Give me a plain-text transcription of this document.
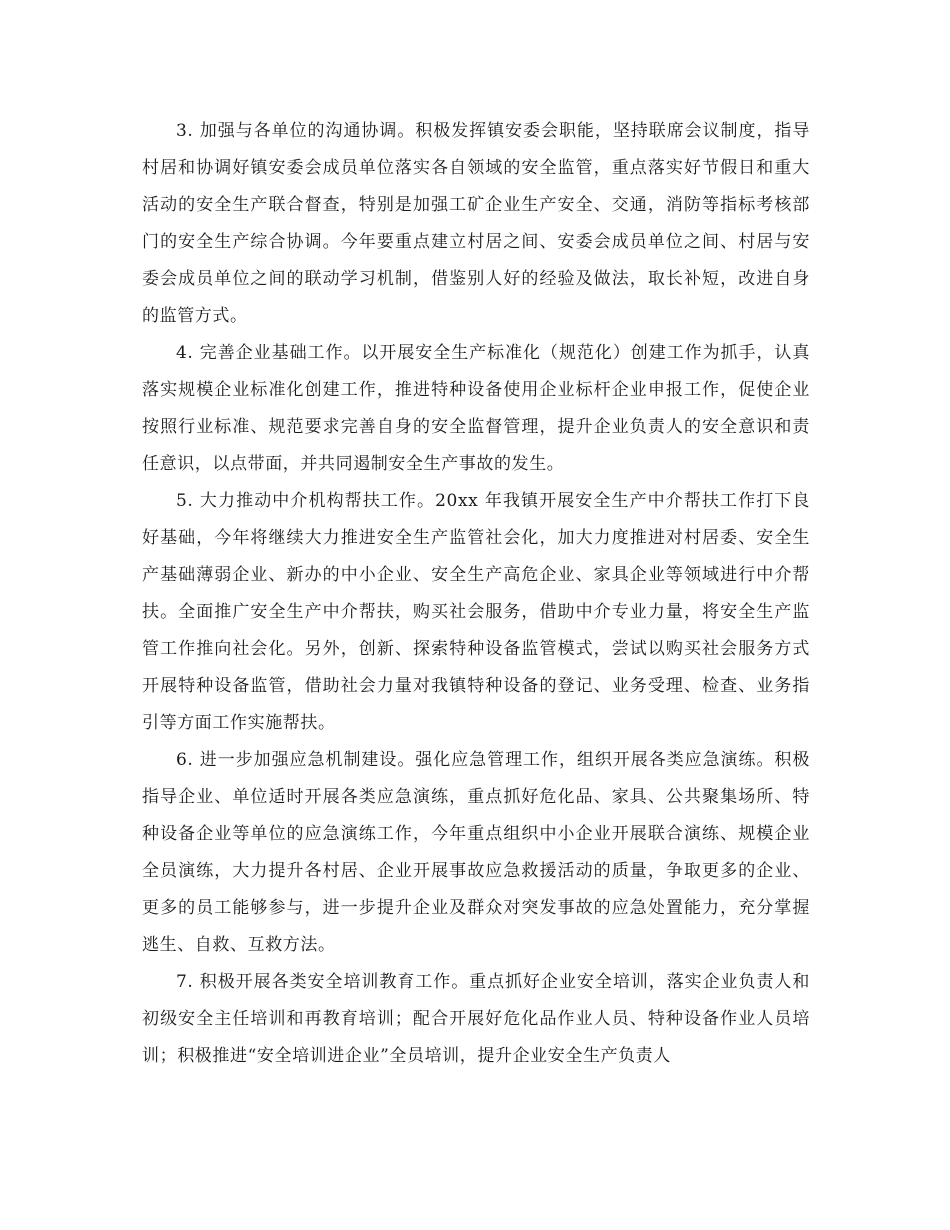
3. 加强与各单位的沟通协调。积极发挥镇安委会职能，坚持联席会议制度，指导村居和协调好镇安委会成员单位落实各自领域的安全监管，重点落实好节假日和重大活动的安全生产联合督查，特别是加强工矿企业生产安全、交通，消防等指标考核部门的安全生产综合协调。今年要重点建立村居之间、安委会成员单位之间、村居与安委会成员单位之间的联动学习机制，借鉴别人好的经验及做法，取长补短，改进自身的监管方式。

4. 完善企业基础工作。以开展安全生产标准化（规范化）创建工作为抓手，认真落实规模企业标准化创建工作，推进特种设备使用企业标杆企业申报工作，促使企业按照行业标准、规范要求完善自身的安全监督管理，提升企业负责人的安全意识和责任意识，以点带面，并共同遏制安全生产事故的发生。

5. 大力推动中介机构帮扶工作。20xx 年我镇开展安全生产中介帮扶工作打下良好基础，今年将继续大力推进安全生产监管社会化，加大力度推进对村居委、安全生产基础薄弱企业、新办的中小企业、安全生产高危企业、家具企业等领域进行中介帮扶。全面推广安全生产中介帮扶，购买社会服务，借助中介专业力量，将安全生产监管工作推向社会化。另外，创新、探索特种设备监管模式，尝试以购买社会服务方式开展特种设备监管，借助社会力量对我镇特种设备的登记、业务受理、检查、业务指引等方面工作实施帮扶。

6. 进一步加强应急机制建设。强化应急管理工作，组织开展各类应急演练。积极指导企业、单位适时开展各类应急演练，重点抓好危化品、家具、公共聚集场所、特种设备企业等单位的应急演练工作，今年重点组织中小企业开展联合演练、规模企业全员演练，大力提升各村居、企业开展事故应急救援活动的质量，争取更多的企业、更多的员工能够参与，进一步提升企业及群众对突发事故的应急处置能力，充分掌握逃生、自救、互救方法。

7. 积极开展各类安全培训教育工作。重点抓好企业安全培训，落实企业负责人和初级安全主任培训和再教育培训；配合开展好危化品作业人员、特种设备作业人员培训；积极推进“安全培训进企业”全员培训，提升企业安全生产负责人
